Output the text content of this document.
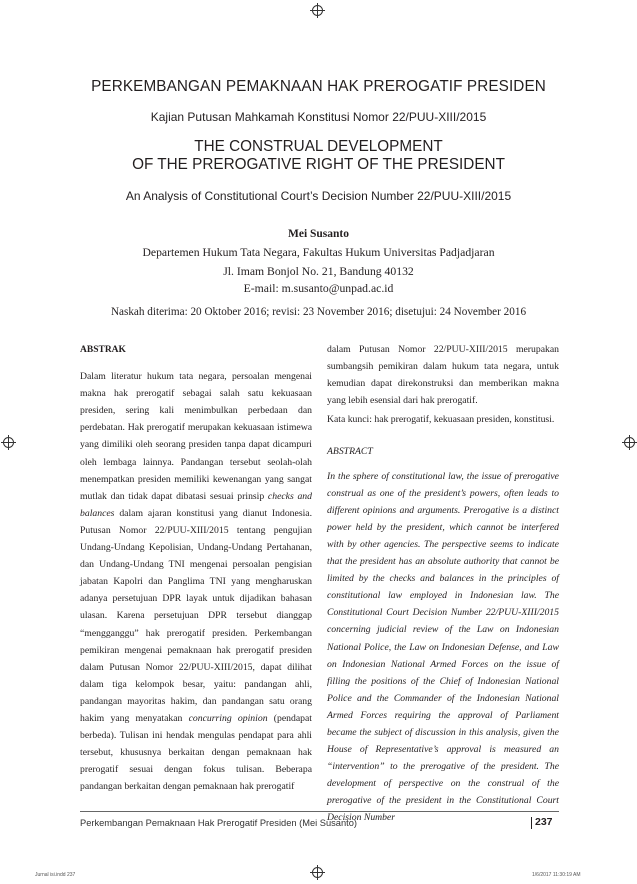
PERKEMBANGAN PEMAKNAAN HAK PREROGATIF PRESIDEN
Kajian Putusan Mahkamah Konstitusi Nomor 22/PUU-XIII/2015
THE CONSTRUAL DEVELOPMENT
OF THE PREROGATIVE RIGHT OF THE PRESIDENT
An Analysis of Constitutional Court’s Decision Number 22/PUU-XIII/2015
Mei Susanto
Departemen Hukum Tata Negara, Fakultas Hukum Universitas Padjadjaran
Jl. Imam Bonjol No. 21, Bandung 40132
E-mail: m.susanto@unpad.ac.id
Naskah diterima: 20 Oktober 2016; revisi: 23 November 2016; disetujui: 24 November 2016

ABSTRAK

Dalam literatur hukum tata negara, persoalan mengenai makna hak prerogatif sebagai salah satu kekuasaan presiden, sering kali menimbulkan perbedaan dan perdebatan. Hak prerogatif merupakan kekuasaan istimewa yang dimiliki oleh seorang presiden tanpa dapat dicampuri oleh lembaga lainnya. Pandangan tersebut seolah-olah menempatkan presiden memiliki kewenangan yang sangat mutlak dan tidak dapat dibatasi sesuai prinsip checks and balances dalam ajaran konstitusi yang dianut Indonesia. Putusan Nomor 22/PUU-XIII/2015 tentang pengujian Undang-Undang Kepolisian, Undang-Undang Pertahanan, dan Undang-Undang TNI mengenai persoalan pengisian jabatan Kapolri dan Panglima TNI yang mengharuskan adanya persetujuan DPR layak untuk dijadikan bahasan ulasan. Karena persetujuan DPR tersebut dianggap “mengganggu” hak prerogatif presiden. Perkembangan pemikiran mengenai pemaknaan hak prerogatif presiden dalam Putusan Nomor 22/PUU-XIII/2015, dapat dilihat dalam tiga kelompok besar, yaitu: pandangan ahli, pandangan mayoritas hakim, dan pandangan satu orang hakim yang menyatakan concurring opinion (pendapat berbeda). Tulisan ini hendak mengulas pendapat para ahli tersebut, khususnya berkaitan dengan pemaknaan hak prerogatif sesuai dengan fokus tulisan. Beberapa pandangan berkaitan dengan pemaknaan hak prerogatif

dalam Putusan Nomor 22/PUU-XIII/2015 merupakan sumbangsih pemikiran dalam hukum tata negara, untuk kemudian dapat direkonstruksi dan memberikan makna yang lebih esensial dari hak prerogatif.

Kata kunci: hak prerogatif, kekuasaan presiden, konstitusi.

ABSTRACT

In the sphere of constitutional law, the issue of prerogative construal as one of the president’s powers, often leads to different opinions and arguments. Prerogative is a distinct power held by the president, which cannot be interfered with by other agencies. The perspective seems to indicate that the president has an absolute authority that cannot be limited by the checks and balances in the principles of constitutional law employed in Indonesian law. The Constitutional Court Decision Number 22/PUU-XIII/2015 concerning judicial review of the Law on Indonesian National Police, the Law on Indonesian Defense, and Law on Indonesian National Armed Forces on the issue of filling the positions of the Chief of Indonesian National Police and the Commander of the Indonesian National Armed Forces requiring the approval of Parliament became the subject of discussion in this analysis, given the House of Representative’s approval is measured an “intervention” to the prerogative of the president. The development of perspective on the construal of the prerogative of the president in the Constitutional Court Decision Number

Perkembangan Pemaknaan Hak Prerogatif Presiden (Mei Susanto)	237
Jurnal isi.indd 237	1/6/2017 11:30:19 AM
